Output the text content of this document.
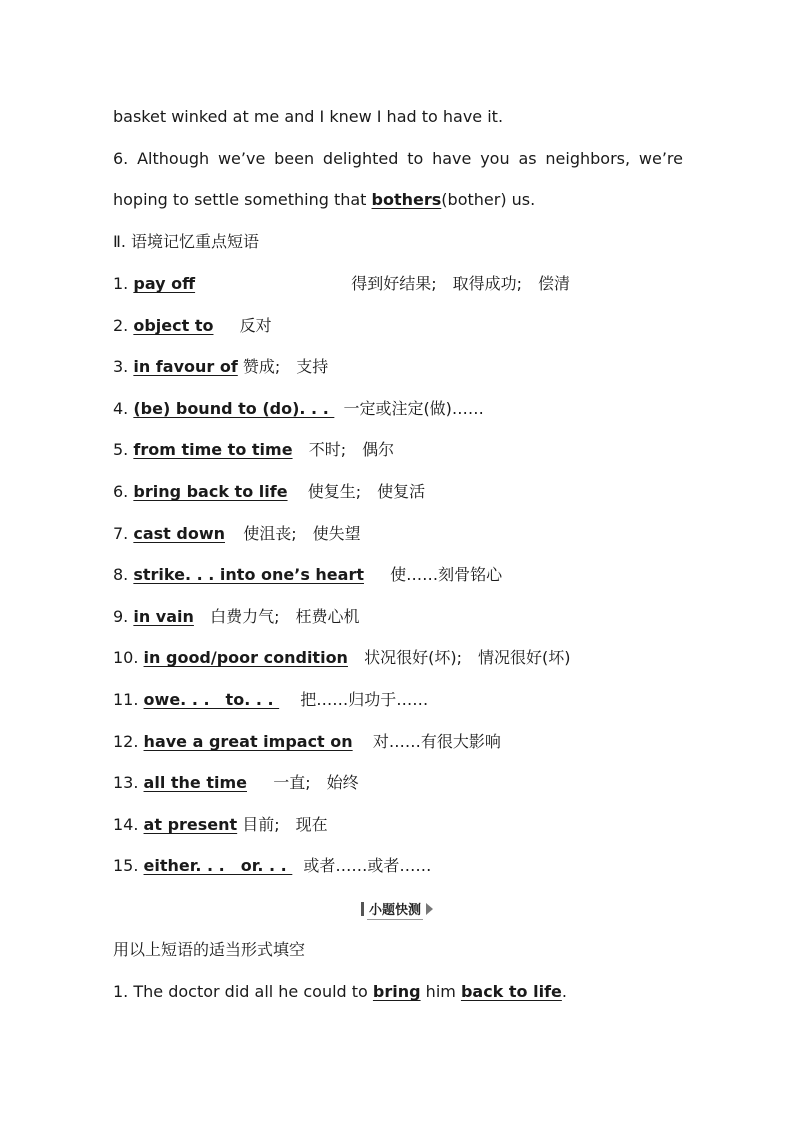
basket winked at me and I knew I had to have it.
6. Although we’ve been delighted to have you as neighbors, we’re
hoping to settle something that bothers(bother) us.
Ⅱ. 语境记忆重点短语
1. pay off	得到好结果;　取得成功;　偿清
2. object to 反对
3. in favour of 赞成;　支持
4. (be) bound to (do). . .  一定或注定(做)……
5. from time to time 不时;　偶尔
6. bring back to life 使复生;　使复活
7. cast down 使沮丧;　使失望
8. strike. . . into one’s heart 使……刻骨铭心
9. in vain 白费力气;　枉费心机
10. in good/poor condition 状况很好(坏);　情况很好(坏)
11. owe. . .　to. . .  把……归功于……
12. have a great impact on 对……有很大影响
13. all the time 一直;　始终
14. at present 目前;　现在
15. either. . .　or. . .  或者……或者……
小题快测
用以上短语的适当形式填空
1. The doctor did all he could to bring him back to life.
